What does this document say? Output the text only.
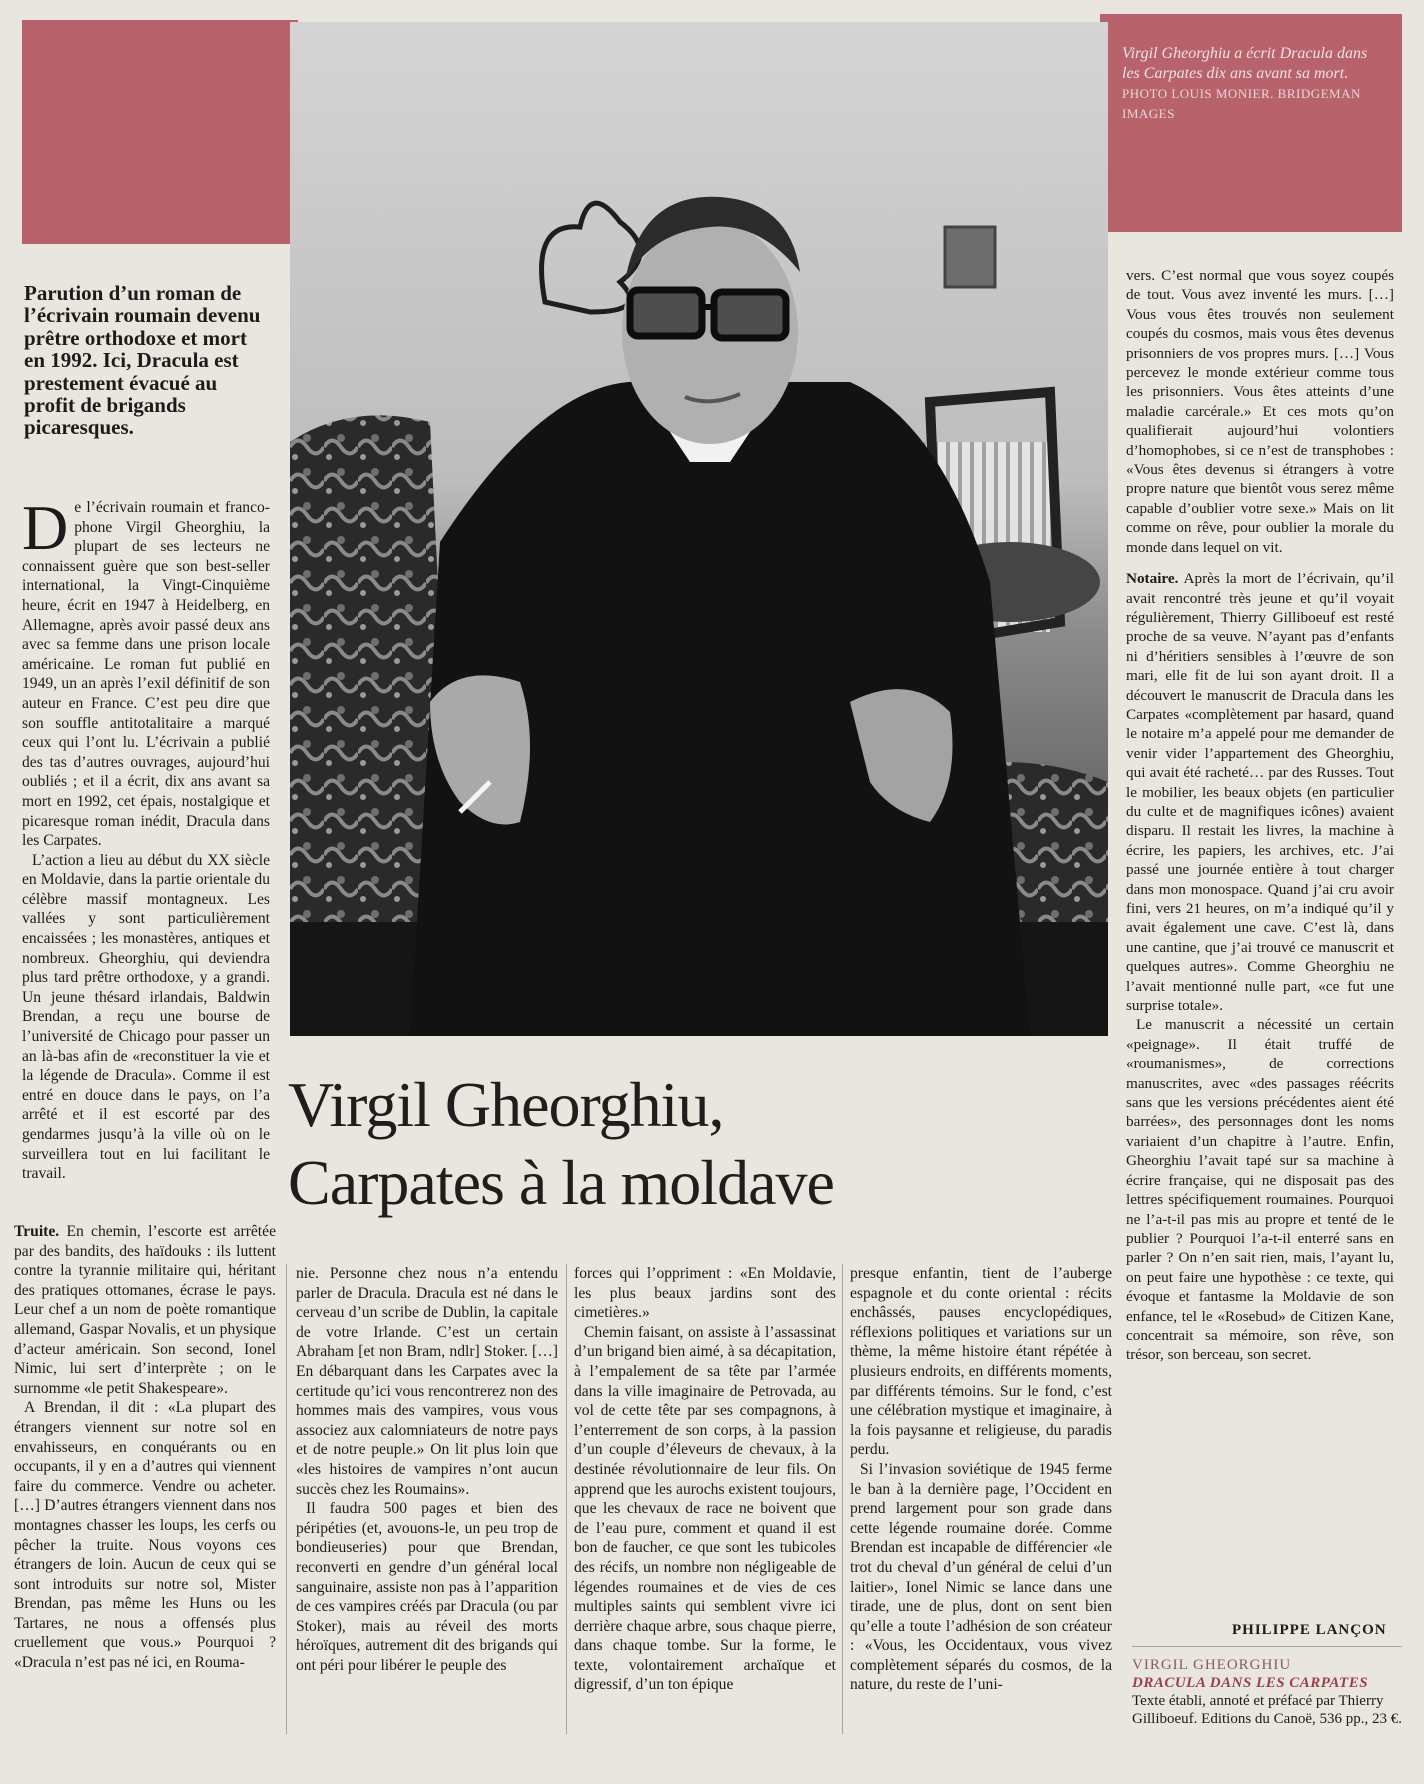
Virgil Gheorghiu a écrit Dracula dans les Carpates dix ans avant sa mort. PHOTO LOUIS MONIER. BRIDGEMAN IMAGES
Parution d’un roman de l’écrivain roumain devenu prêtre orthodoxe et mort en 1992. Ici, Dracula est prestement évacué au profit de brigands picaresques.

De l’écrivain roumain et francophone Virgil Gheorghiu, la plupart de ses lecteurs ne connaissent guère que son best-seller international, la Vingt-Cinquième heure, écrit en 1947 à Heidelberg, en Allemagne, après avoir passé deux ans avec sa femme dans une prison locale américaine. Le roman fut publié en 1949, un an après l’exil définitif de son auteur en France. C’est peu dire que son souffle antitotalitaire a marqué ceux qui l’ont lu. L’écrivain a publié des tas d’autres ouvrages, aujourd’hui oubliés ; et il a écrit, dix ans avant sa mort en 1992, cet épais, nostalgique et picaresque roman inédit, Dracula dans les Carpates.

L’action a lieu au début du XX siècle en Moldavie, dans la partie orientale du célèbre massif montagneux. Les vallées y sont particulièrement encaissées ; les monastères, antiques et nombreux. Gheorghiu, qui deviendra plus tard prêtre orthodoxe, y a grandi. Un jeune thésard irlandais, Baldwin Brendan, a reçu une bourse de l’université de Chicago pour passer un an là-bas afin de «reconstituer la vie et la légende de Dracula». Comme il est entré en douce dans le pays, on l’a arrêté et il est escorté par des gendarmes jusqu’à la ville où on le surveillera tout en lui facilitant le travail.

Virgil Gheorghiu,
Carpates à la moldave

Truite. En chemin, l’escorte est arrêtée par des bandits, des haïdouks : ils luttent contre la tyrannie militaire qui, héritant des pratiques ottomanes, écrase le pays. Leur chef a un nom de poète romantique allemand, Gaspar Novalis, et un physique d’acteur américain. Son second, Ionel Nimic, lui sert d’interprète ; on le surnomme «le petit Shakespeare».

A Brendan, il dit : «La plupart des étrangers viennent sur notre sol en envahisseurs, en conquérants ou en occupants, il y en a d’autres qui viennent faire du commerce. Vendre ou acheter. […] D’autres étrangers viennent dans nos montagnes chasser les loups, les cerfs ou pêcher la truite. Nous voyons ces étrangers de loin. Aucun de ceux qui se sont introduits sur notre sol, Mister Brendan, pas même les Huns ou les Tartares, ne nous a offensés plus cruellement que vous.» Pourquoi ? «Dracula n’est pas né ici, en Rouma-

nie. Personne chez nous n’a entendu parler de Dracula. Dracula est né dans le cerveau d’un scribe de Dublin, la capitale de votre Irlande. C’est un certain Abraham [et non Bram, ndlr] Stoker. […] En débarquant dans les Carpates avec la certitude qu’ici vous rencontrerez non des hommes mais des vampires, vous vous associez aux calomniateurs de notre pays et de notre peuple.» On lit plus loin que «les histoires de vampires n’ont aucun succès chez les Roumains».

Il faudra 500 pages et bien des péripéties (et, avouons-le, un peu trop de bondieuseries) pour que Brendan, reconverti en gendre d’un général local sanguinaire, assiste non pas à l’apparition de ces vampires créés par Dracula (ou par Stoker), mais au réveil des morts héroïques, autrement dit des brigands qui ont péri pour libérer le peuple des

forces qui l’oppriment : «En Moldavie, les plus beaux jardins sont des cimetières.»

Chemin faisant, on assiste à l’assassinat d’un brigand bien aimé, à sa décapitation, à l’empalement de sa tête par l’armée dans la ville imaginaire de Petrovada, au vol de cette tête par ses compagnons, à l’enterrement de son corps, à la passion d’un couple d’éleveurs de chevaux, à la destinée révolutionnaire de leur fils. On apprend que les aurochs existent toujours, que les chevaux de race ne boivent que de l’eau pure, comment et quand il est bon de faucher, ce que sont les tubicoles des récifs, un nombre non négligeable de légendes roumaines et de vies de ces multiples saints qui semblent vivre ici derrière chaque arbre, sous chaque pierre, dans chaque tombe. Sur la forme, le texte, volontairement archaïque et digressif, d’un ton épique

presque enfantin, tient de l’auberge espagnole et du conte oriental : récits enchâssés, pauses encyclopédiques, réflexions politiques et variations sur un thème, la même histoire étant répétée à plusieurs endroits, en différents moments, par différents témoins. Sur le fond, c’est une célébration mystique et imaginaire, à la fois paysanne et religieuse, du paradis perdu.

Si l’invasion soviétique de 1945 ferme le ban à la dernière page, l’Occident en prend largement pour son grade dans cette légende roumaine dorée. Comme Brendan est incapable de différencier «le trot du cheval d’un général de celui d’un laitier», Ionel Nimic se lance dans une tirade, une de plus, dont on sent bien qu’elle a toute l’adhésion de son créateur : «Vous, les Occidentaux, vous vivez complètement séparés du cosmos, de la nature, du reste de l’uni-

vers. C’est normal que vous soyez coupés de tout. Vous avez inventé les murs. […] Vous vous êtes trouvés non seulement coupés du cosmos, mais vous êtes devenus prisonniers de vos propres murs. […] Vous percevez le monde extérieur comme tous les prisonniers. Vous êtes atteints d’une maladie carcérale.» Et ces mots qu’on qualifierait aujourd’hui volontiers d’homophobes, si ce n’est de transphobes : «Vous êtes devenus si étrangers à votre propre nature que bientôt vous serez même capable d’oublier votre sexe.» Mais on lit comme on rêve, pour oublier la morale du monde dans lequel on vit.

Notaire. Après la mort de l’écrivain, qu’il avait rencontré très jeune et qu’il voyait régulièrement, Thierry Gilliboeuf est resté proche de sa veuve. N’ayant pas d’enfants ni d’héritiers sensibles à l’œuvre de son mari, elle fit de lui son ayant droit. Il a découvert le manuscrit de Dracula dans les Carpates «complètement par hasard, quand le notaire m’a appelé pour me demander de venir vider l’appartement des Gheorghiu, qui avait été racheté… par des Russes. Tout le mobilier, les beaux objets (en particulier du culte et de magnifiques icônes) avaient disparu. Il restait les livres, la machine à écrire, les papiers, les archives, etc. J’ai passé une journée entière à tout charger dans mon monospace. Quand j’ai cru avoir fini, vers 21 heures, on m’a indiqué qu’il y avait également une cave. C’est là, dans une cantine, que j’ai trouvé ce manuscrit et quelques autres». Comme Gheorghiu ne l’avait mentionné nulle part, «ce fut une surprise totale».

Le manuscrit a nécessité un certain «peignage». Il était truffé de «roumanismes», de corrections manuscrites, avec «des passages réécrits sans que les versions précédentes aient été barrées», des personnages dont les noms variaient d’un chapitre à l’autre. Enfin, Gheorghiu l’avait tapé sur sa machine à écrire française, qui ne disposait pas des lettres spécifiquement roumaines. Pourquoi ne l’a-t-il pas mis au propre et tenté de le publier ? Pourquoi l’a-t-il enterré sans en parler ? On n’en sait rien, mais, l’ayant lu, on peut faire une hypothèse : ce texte, qui évoque et fantasme la Moldavie de son enfance, tel le «Rosebud» de Citizen Kane, concentrait sa mémoire, son rêve, son trésor, son berceau, son secret.

PHILIPPE LANÇON
VIRGIL GHEORGHIU
DRACULA DANS LES CARPATES
Texte établi, annoté et préfacé par Thierry Gilliboeuf. Editions du Canoë, 536 pp., 23 €.
